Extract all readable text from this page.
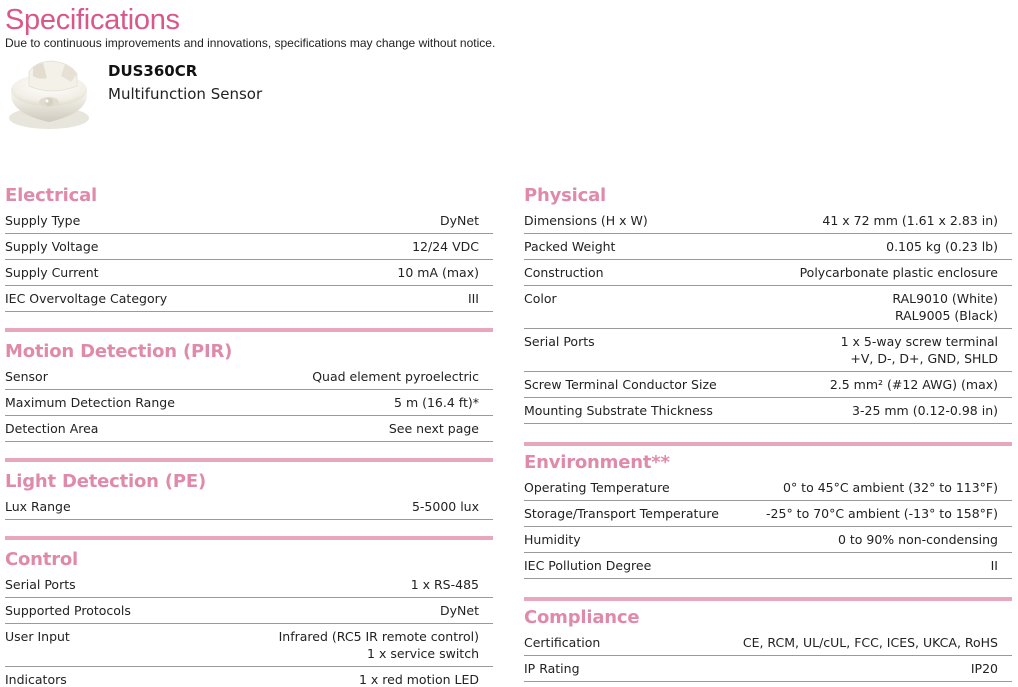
Specifications
Due to continuous improvements and innovations, specifications may change without notice.
DUS360CR
Multifunction Sensor
Electrical
Supply Type	DyNet
Supply Voltage	12/24 VDC
Supply Current	10 mA (max)
IEC Overvoltage Category	III
Motion Detection (PIR)
Sensor	Quad element pyroelectric
Maximum Detection Range	5 m (16.4 ft)*
Detection Area	See next page
Light Detection (PE)
Lux Range	5-5000 lux
Control
Serial Ports	1 x RS-485
Supported Protocols	DyNet
User Input	Infrared (RC5 IR remote control)
1 x service switch
Indicators	1 x red motion LED
Physical
Dimensions (H x W)	41 x 72 mm (1.61 x 2.83 in)
Packed Weight	0.105 kg (0.23 lb)
Construction	Polycarbonate plastic enclosure
Color	RAL9010 (White)
RAL9005 (Black)
Serial Ports	1 x 5-way screw terminal
+V, D-, D+, GND, SHLD
Screw Terminal Conductor Size	2.5 mm² (#12 AWG) (max)
Mounting Substrate Thickness	3-25 mm (0.12-0.98 in)
Environment**
Operating Temperature	0° to 45°C ambient (32° to 113°F)
Storage/Transport Temperature	-25° to 70°C ambient (-13° to 158°F)
Humidity	0 to 90% non-condensing
IEC Pollution Degree	II
Compliance
Certification	CE, RCM, UL/cUL, FCC, ICES, UKCA, RoHS
IP Rating	IP20
